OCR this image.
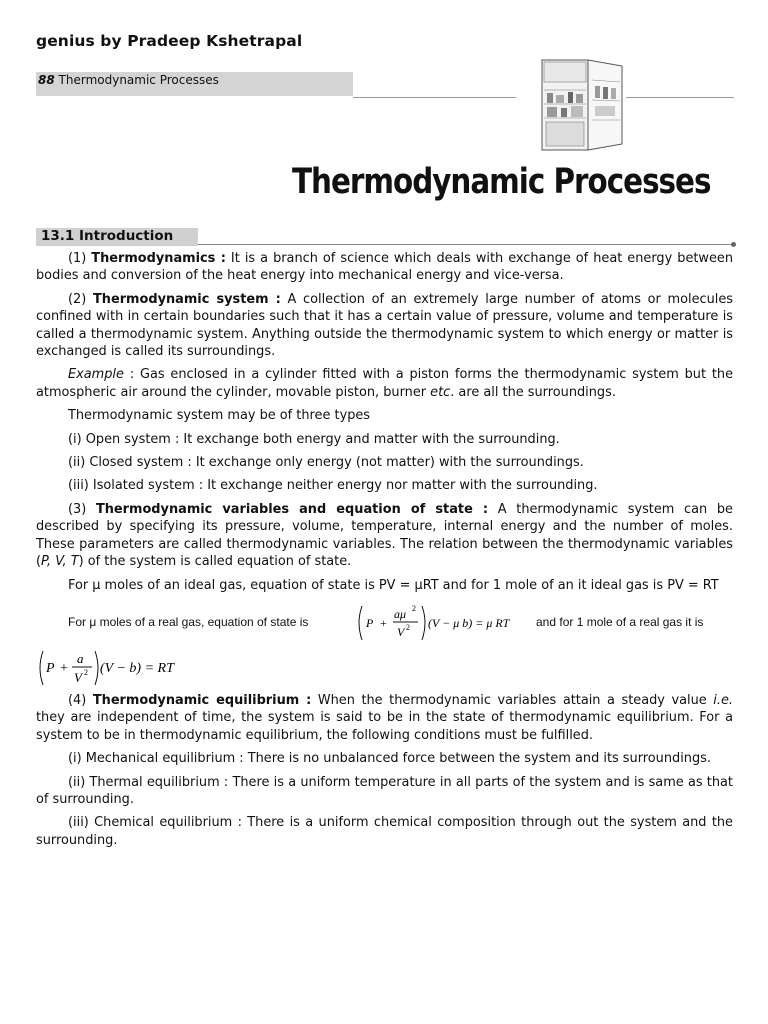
genius by Pradeep Kshetrapal
88 Thermodynamic Processes
Thermodynamic Processes
13.1 Introduction

(1) Thermodynamics : It is a branch of science which deals with exchange of heat energy between bodies and conversion of the heat energy into mechanical energy and vice-versa.

(2) Thermodynamic system : A collection of an extremely large number of atoms or molecules confined with in certain boundaries such that it has a certain value of pressure, volume and temperature is called a thermodynamic system. Anything outside the thermodynamic system to which energy or matter is exchanged is called its surroundings.

Example : Gas enclosed in a cylinder fitted with a piston forms the thermodynamic system but the atmospheric air around the cylinder, movable piston, burner etc. are all the surroundings.

Thermodynamic system may be of three types

(i) Open system : It exchange both energy and matter with the surrounding.

(ii) Closed system : It exchange only energy (not matter) with the surroundings.

(iii) Isolated system : It exchange neither energy nor matter with the surrounding.

(3) Thermodynamic variables and equation of state : A thermodynamic system can be described by specifying its pressure, volume, temperature, internal energy and the number of moles. These parameters are called thermodynamic variables. The relation between the thermodynamic variables (P, V, T) of the system is called equation of state.

For μ moles of an ideal gas, equation of state is PV = μRT and for 1 mole of an it ideal gas is PV = RT

For μ moles of a real gas, equation of state is	P +
aμ 2
V 2 (V − μ b) = μ RT and for 1 mole of a real gas it is
P +
a
V 2 (V − b) = RT

(4) Thermodynamic equilibrium : When the thermodynamic variables attain a steady value i.e. they are independent of time, the system is said to be in the state of thermodynamic equilibrium. For a system to be in thermodynamic equilibrium, the following conditions must be fulfilled.

(i) Mechanical equilibrium : There is no unbalanced force between the system and its surroundings.

(ii) Thermal equilibrium : There is a uniform temperature in all parts of the system and is same as that of surrounding.

(iii) Chemical equilibrium : There is a uniform chemical composition through out the system and the surrounding.
